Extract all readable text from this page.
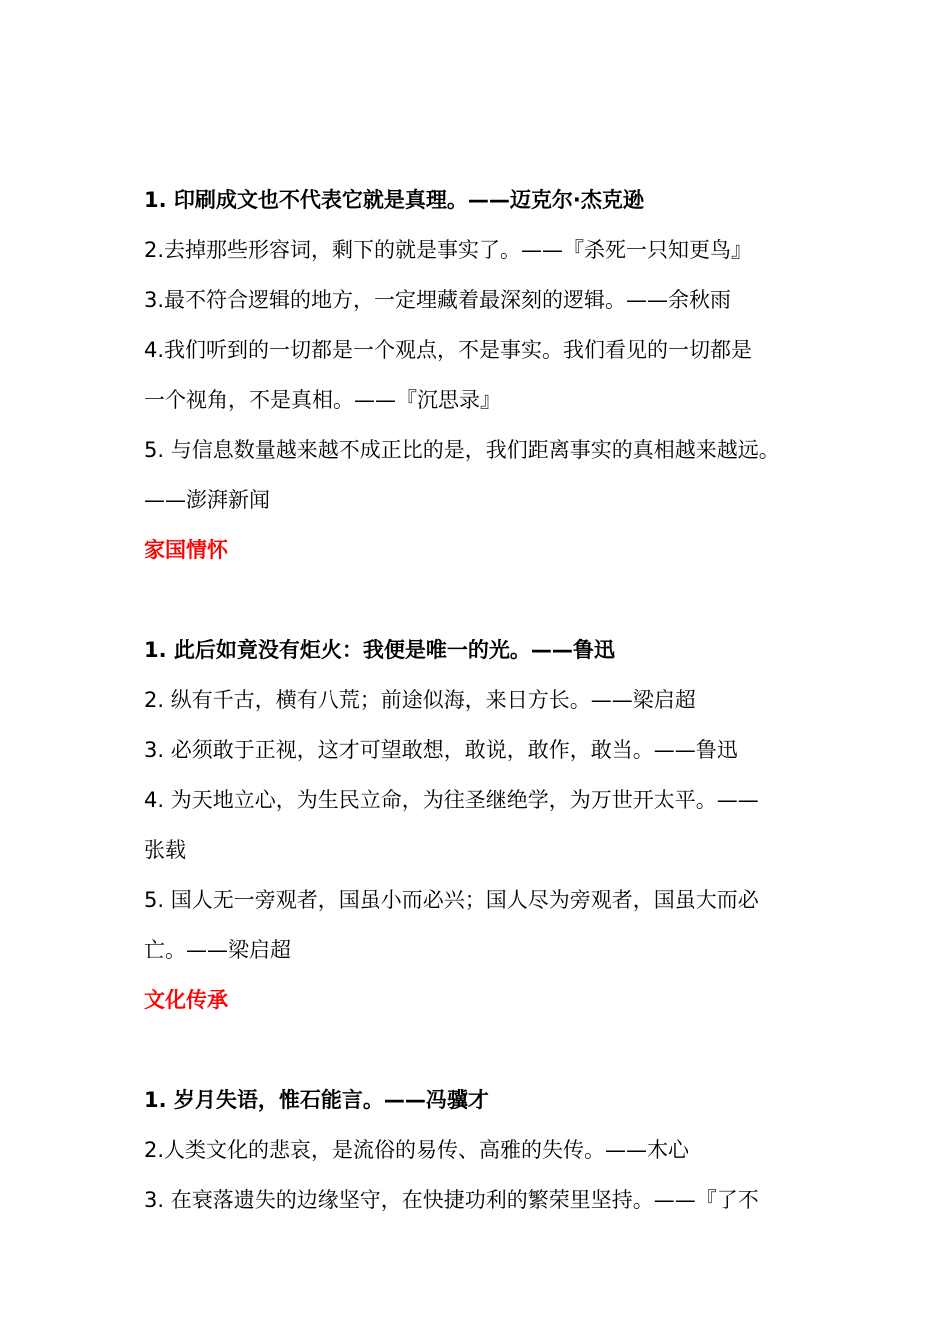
1. 印刷成文也不代表它就是真理。——迈克尔·杰克逊
2.去掉那些形容词，剩下的就是事实了。——『杀死一只知更鸟』
3.最不符合逻辑的地方，一定埋藏着最深刻的逻辑。——余秋雨
4.我们听到的一切都是一个观点，不是事实。我们看见的一切都是
一个视角，不是真相。——『沉思录』
5. 与信息数量越来越不成正比的是，我们距离事实的真相越来越远。
——澎湃新闻
家国情怀
1. 此后如竟没有炬火：我便是唯一的光。——鲁迅
2. 纵有千古，横有八荒；前途似海，来日方长。——梁启超
3. 必须敢于正视，这才可望敢想，敢说，敢作，敢当。——鲁迅
4. 为天地立心，为生民立命，为往圣继绝学，为万世开太平。——
张载
5. 国人无一旁观者，国虽小而必兴；国人尽为旁观者，国虽大而必
亡。——梁启超
文化传承
1. 岁月失语，惟石能言。——冯骥才
2.人类文化的悲哀，是流俗的易传、高雅的失传。——木心
3. 在衰落遗失的边缘坚守，在快捷功利的繁荣里坚持。——『了不
